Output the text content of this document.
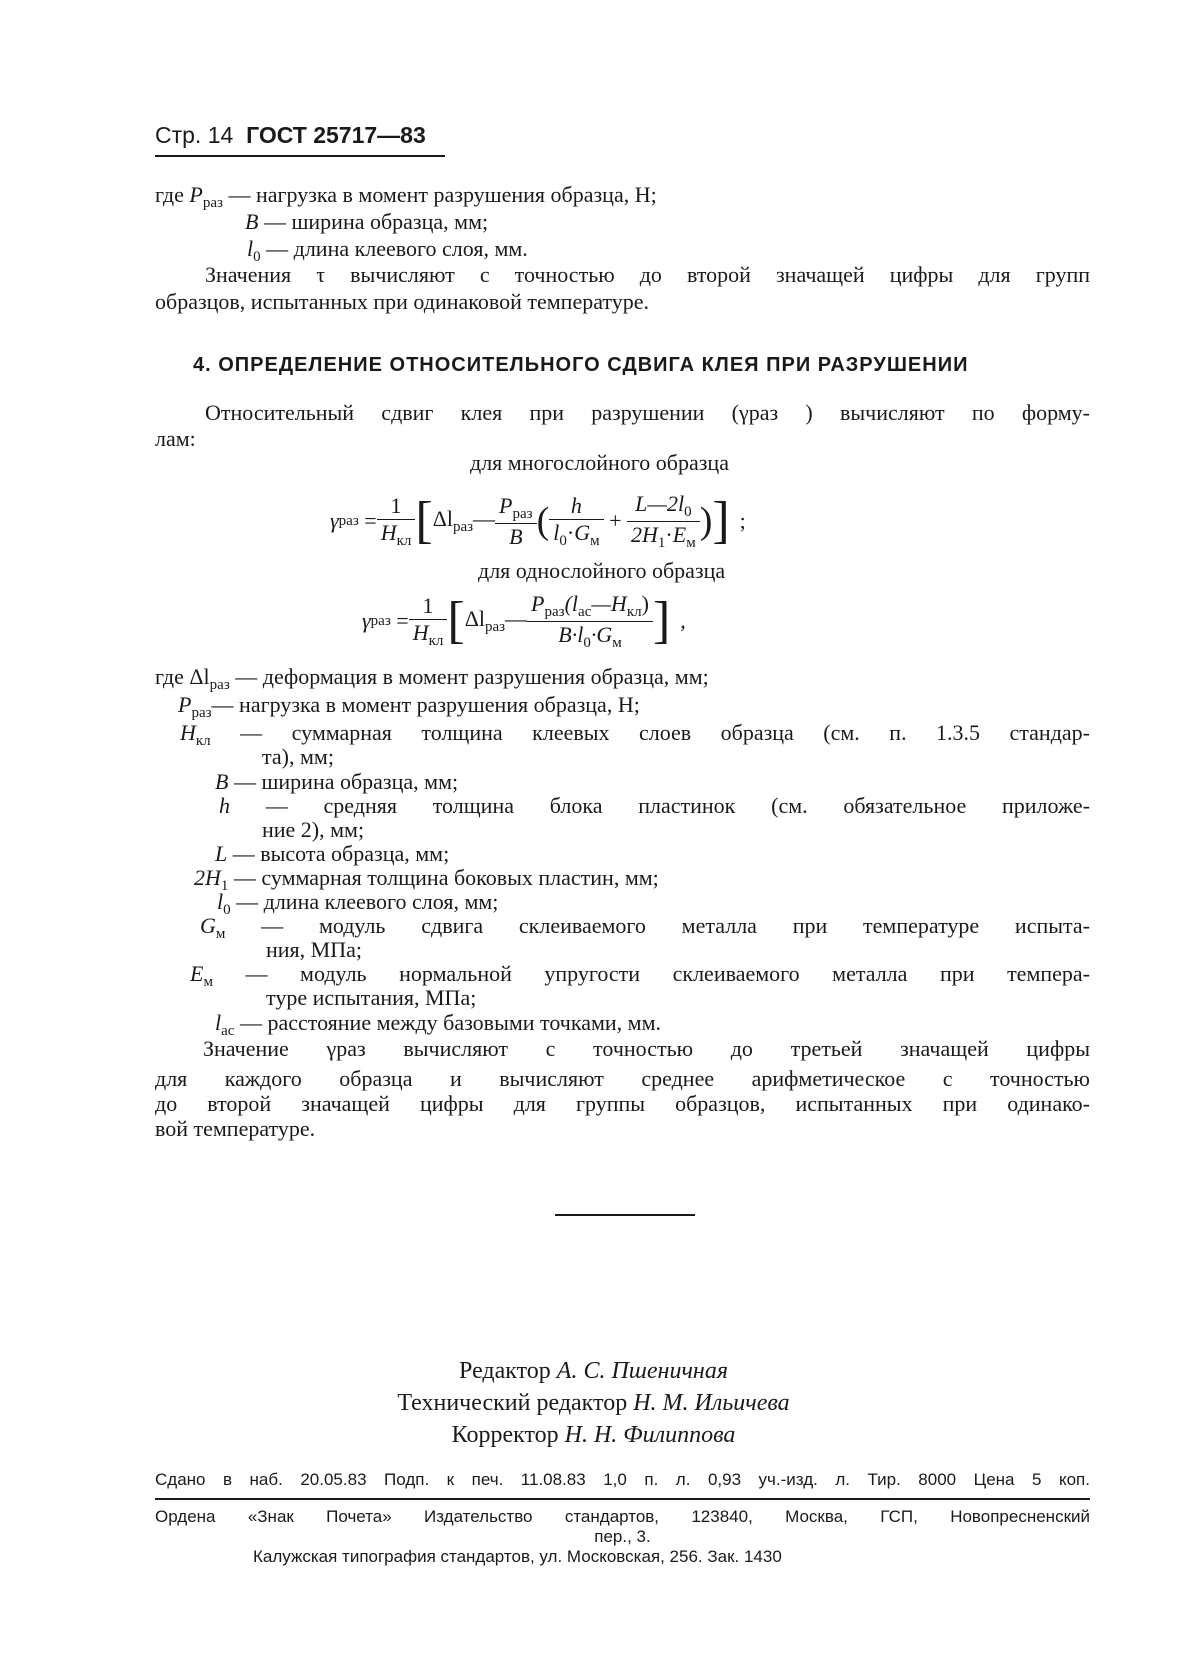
Стр. 14 ГОСТ 25717—83
где $P_{раз}$ — нагрузка в момент разрушения образца, Н;
B — ширина образца, мм;
$l_0$ — длина клеевого слоя, мм.
Значения τ вычисляют с точностью до второй значащей цифры для групп
образцов, испытанных при одинаковой температуре.
4. ОПРЕДЕЛЕНИЕ ОТНОСИТЕЛЬНОГО СДВИГА КЛЕЯ ПРИ РАЗРУШЕНИИ
Относительный сдвиг клея при разрушении (γраз ) вычисляют по форму-
лам:
для многослойного образца
γ раз = $\frac{1}{H_{кл}}$ [ $\Delta l_{раз}— \frac{P_{раз}}{B}$ ( $\frac{h}{l_0\cdot G_м} + \frac{L—2l_0}{2H_1\cdot E_м}$ ) ] ;
для однослойного образца
γ раз = $\frac{1}{H_{кл}}$ [ $\Delta l_{раз}— \frac{P_{раз}(l_{ac}—H_{кл})}{B\cdot l_0\cdot G_м}$ ] ,
где $\Delta l_{раз}$ — деформация в момент разрушения образца, мм;
$P_{раз}—$ нагрузка в момент разрушения образца, Н;
$H_{кл}$ — суммарная толщина клеевых слоев образца (см. п. 1.3.5 стандар-
та), мм;
B — ширина образца, мм;
h — средняя толщина блока пластинок (см. обязательное приложе-
ние 2), мм;
L — высота образца, мм;
$2H_1$ — суммарная толщина боковых пластин, мм;
$l_0$ — длина клеевого слоя, мм;
$G_м$ — модуль сдвига склеиваемого металла при температуре испыта-
ния, МПа;
$E_м$ — модуль нормальной упругости склеиваемого металла при темпера-
туре испытания, МПа;
$l_{ac}$ — расстояние между базовыми точками, мм.
Значение γраз вычисляют с точностью до третьей значащей цифры
для каждого образца и вычисляют среднее арифметическое с точностью
до второй значащей цифры для группы образцов, испытанных при одинако-
вой температуре.
Редактор А. С. Пшеничная
Технический редактор Н. М. Ильичева
Корректор Н. Н. Филиппова
Сдано в наб. 20.05.83 Подп. к печ. 11.08.83 1,0 п. л. 0,93 уч.-изд. л. Тир. 8000 Цена 5 коп.
Ордена «Знак Почета» Издательство стандартов, 123840, Москва, ГСП, Новопресненский
пер., 3.
Калужская типография стандартов, ул. Московская, 256. Зак. 1430
